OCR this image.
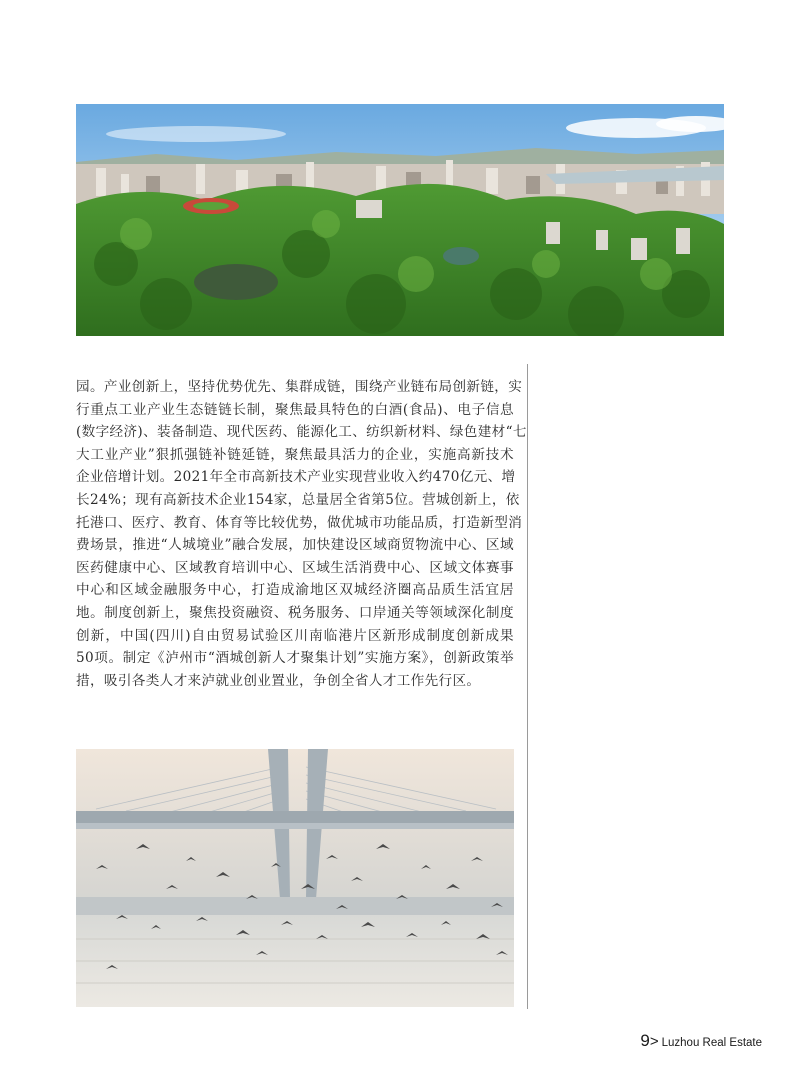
园。产业创新上，坚持优势优先、集群成链，围绕产业链布局创新链，实
行重点工业产业生态链链长制，聚焦最具特色的白酒(食品)、电子信息
(数字经济)、装备制造、现代医药、能源化工、纺织新材料、绿色建材“七
大工业产业”狠抓强链补链延链，聚焦最具活力的企业，实施高新技术
企业倍增计划。2021年全市高新技术产业实现营业收入约470亿元、增
长24%；现有高新技术企业154家，总量居全省第5位。营城创新上，依
托港口、医疗、教育、体育等比较优势，做优城市功能品质，打造新型消
费场景，推进“人城境业”融合发展，加快建设区域商贸物流中心、区域
医药健康中心、区域教育培训中心、区域生活消费中心、区域文体赛事
中心和区域金融服务中心，打造成渝地区双城经济圈高品质生活宜居
地。制度创新上，聚焦投资融资、税务服务、口岸通关等领域深化制度
创新，中国(四川)自由贸易试验区川南临港片区新形成制度创新成果
50项。制定《泸州市“酒城创新人才聚集计划”实施方案》，创新政策举
措，吸引各类人才来泸就业创业置业，争创全省人才工作先行区。

9> Luzhou Real Estate
